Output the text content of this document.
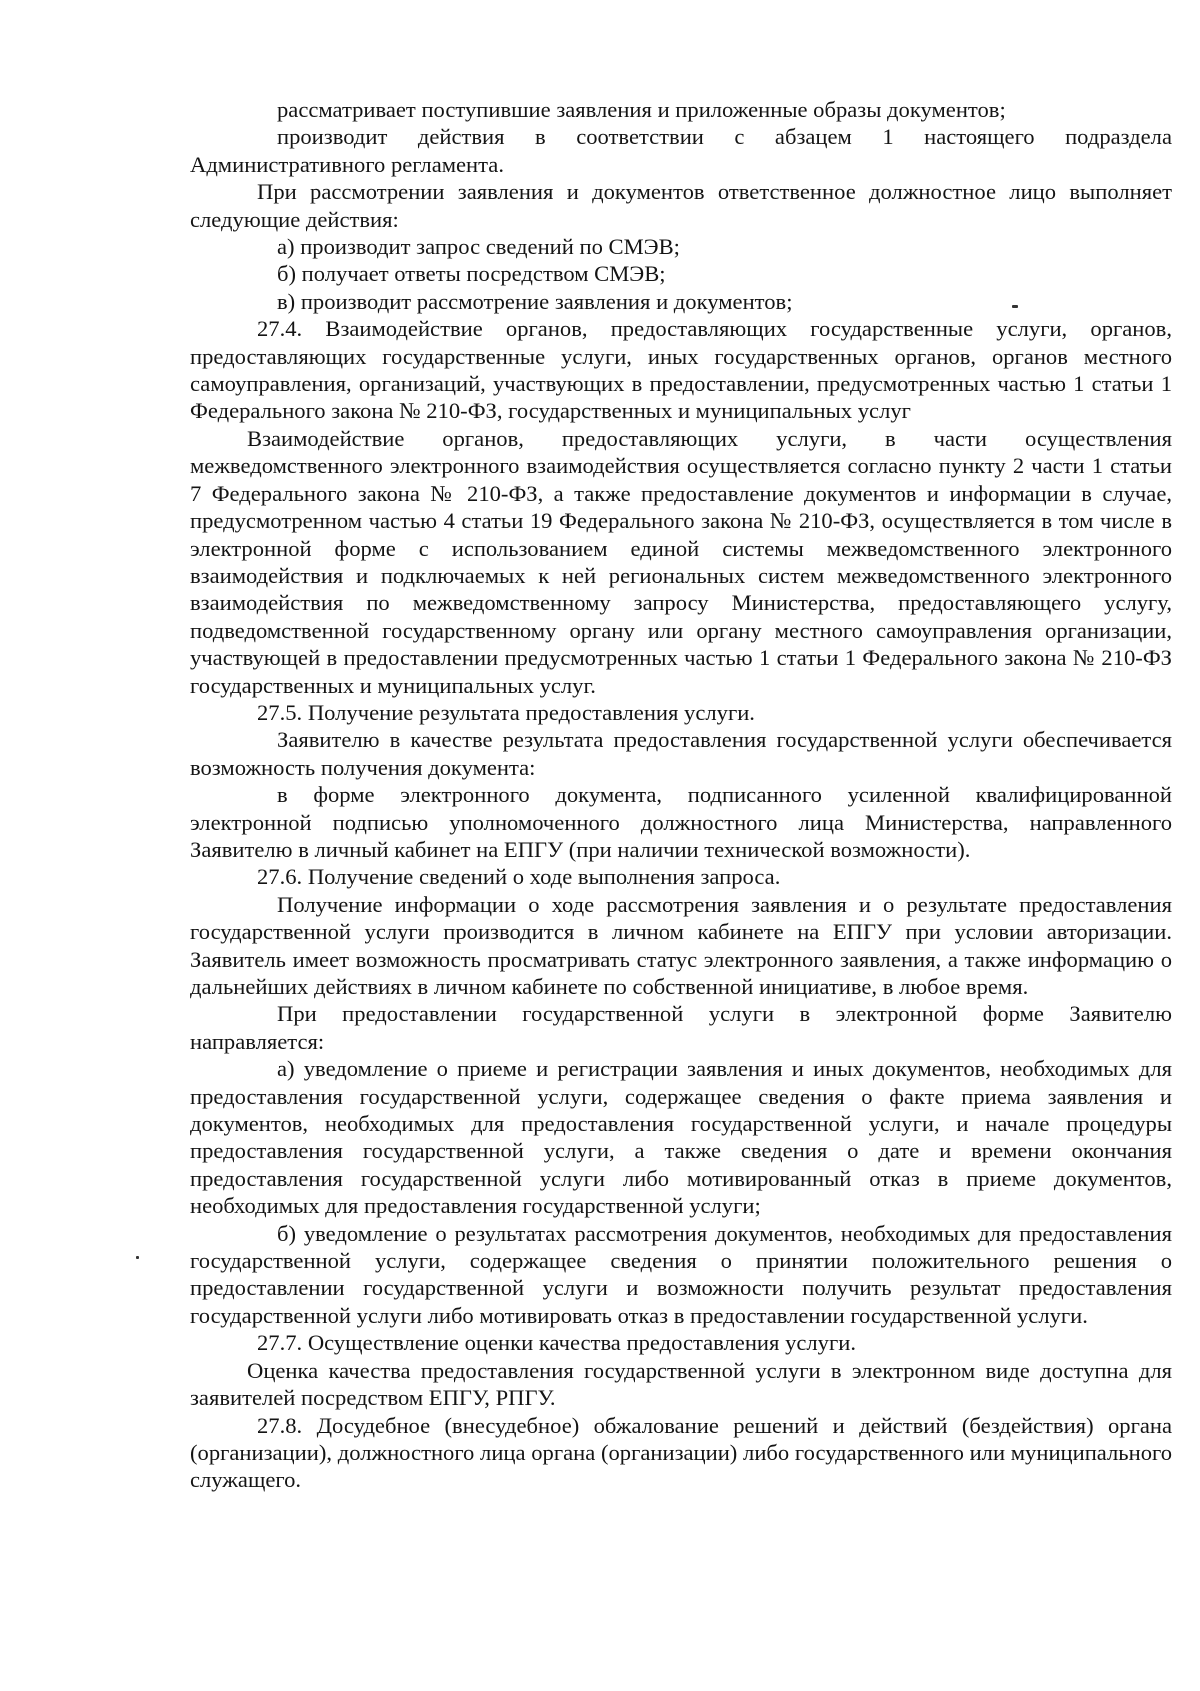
рассматривает поступившие заявления и приложенные образы документов;

производит действия в соответствии с абзацем 1 настоящего подраздела Административного регламента.

При рассмотрении заявления и документов ответственное должностное лицо выполняет следующие действия:

а) производит запрос сведений по СМЭВ;

б) получает ответы посредством СМЭВ;

в) производит рассмотрение заявления и документов;

27.4. Взаимодействие органов, предоставляющих государственные услуги, органов, предоставляющих государственные услуги, иных государственных органов, органов местного самоуправления, организаций, участвующих в предоставлении, предусмотренных частью 1 статьи 1 Федерального закона № 210-ФЗ, государственных и муниципальных услуг

Взаимодействие органов, предоставляющих услуги, в части осуществления межведомственного электронного взаимодействия осуществляется согласно пункту 2 части 1 статьи 7 Федерального закона № 210-ФЗ, а также предоставление документов и информации в случае, предусмотренном частью 4 статьи 19 Федерального закона № 210-ФЗ, осуществляется в том числе в электронной форме с использованием единой системы межведомственного электронного взаимодействия и подключаемых к ней региональных систем межведомственного электронного взаимодействия по межведомственному запросу Министерства, предоставляющего услугу, подведомственной государственному органу или органу местного самоуправления организации, участвующей в предоставлении предусмотренных частью 1 статьи 1 Федерального закона № 210-ФЗ государственных и муниципальных услуг.

27.5. Получение результата предоставления услуги.

Заявителю в качестве результата предоставления государственной услуги обеспечивается возможность получения документа:

в форме электронного документа, подписанного усиленной квалифицированной электронной подписью уполномоченного должностного лица Министерства, направленного Заявителю в личный кабинет на ЕПГУ (при наличии технической возможности).

27.6. Получение сведений о ходе выполнения запроса.

Получение информации о ходе рассмотрения заявления и о результате предоставления государственной услуги производится в личном кабинете на ЕПГУ при условии авторизации. Заявитель имеет возможность просматривать статус электронного заявления, а также информацию о дальнейших действиях в личном кабинете по собственной инициативе, в любое время.

При предоставлении государственной услуги в электронной форме Заявителю направляется:

а) уведомление о приеме и регистрации заявления и иных документов, необходимых для предоставления государственной услуги, содержащее сведения о факте приема заявления и документов, необходимых для предоставления государственной услуги, и начале процедуры предоставления государственной услуги, а также сведения о дате и времени окончания предоставления государственной услуги либо мотивированный отказ в приеме документов, необходимых для предоставления государственной услуги;

б) уведомление о результатах рассмотрения документов, необходимых для предоставления государственной услуги, содержащее сведения о принятии положительного решения о предоставлении государственной услуги и возможности получить результат предоставления государственной услуги либо мотивировать отказ в предоставлении государственной услуги.

27.7. Осуществление оценки качества предоставления услуги.

Оценка качества предоставления государственной услуги в электронном виде доступна для заявителей посредством ЕПГУ, РПГУ.

27.8. Досудебное (внесудебное) обжалование решений и действий (бездействия) органа (организации), должностного лица органа (организации) либо государственного или муниципального служащего.
